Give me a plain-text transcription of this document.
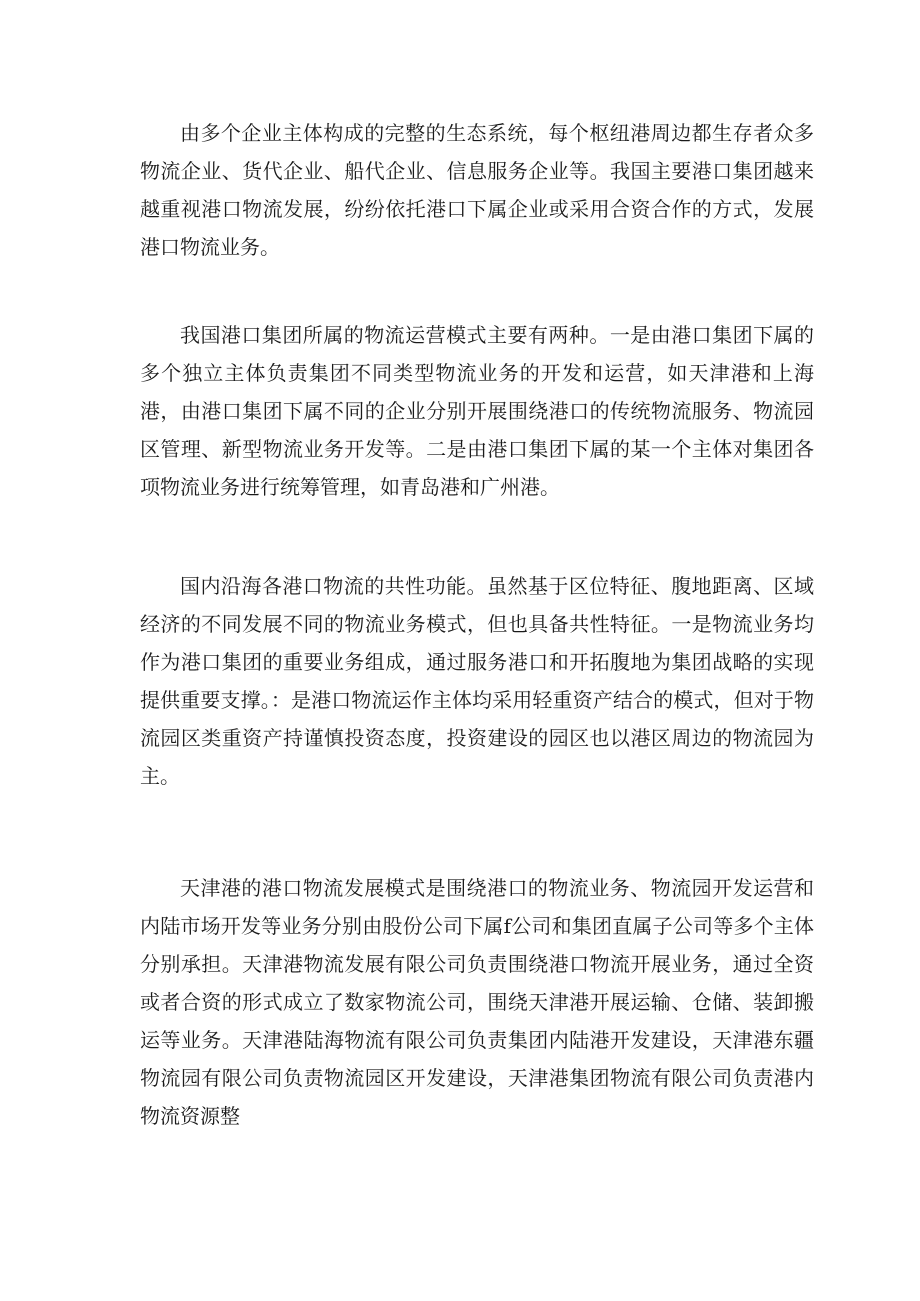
由多个企业主体构成的完整的生态系统，每个枢纽港周边都生存者众多物流企业、货代企业、船代企业、信息服务企业等。我国主要港口集团越来越重视港口物流发展，纷纷依托港口下属企业或采用合资合作的方式，发展港口物流业务。

我国港口集团所属的物流运营模式主要有两种。一是由港口集团下属的多个独立主体负责集团不同类型物流业务的开发和运营，如天津港和上海港，由港口集团下属不同的企业分别开展围绕港口的传统物流服务、物流园区管理、新型物流业务开发等。二是由港口集团下属的某一个主体对集团各项物流业务进行统筹管理，如青岛港和广州港。

国内沿海各港口物流的共性功能。虽然基于区位特征、腹地距离、区域经济的不同发展不同的物流业务模式，但也具备共性特征。一是物流业务均作为港口集团的重要业务组成，通过服务港口和开拓腹地为集团战略的实现提供重要支撑。：是港口物流运作主体均采用轻重资产结合的模式，但对于物流园区类重资产持谨慎投资态度，投资建设的园区也以港区周边的物流园为主。

天津港的港口物流发展模式是围绕港口的物流业务、物流园开发运营和内陆市场开发等业务分别由股份公司下属f公司和集团直属子公司等多个主体分别承担。天津港物流发展有限公司负责围绕港口物流开展业务，通过全资或者合资的形式成立了数家物流公司，围绕天津港开展运输、仓储、装卸搬运等业务。天津港陆海物流有限公司负责集团内陆港开发建设，天津港东疆物流园有限公司负责物流园区开发建设，天津港集团物流有限公司负责港内物流资源整
